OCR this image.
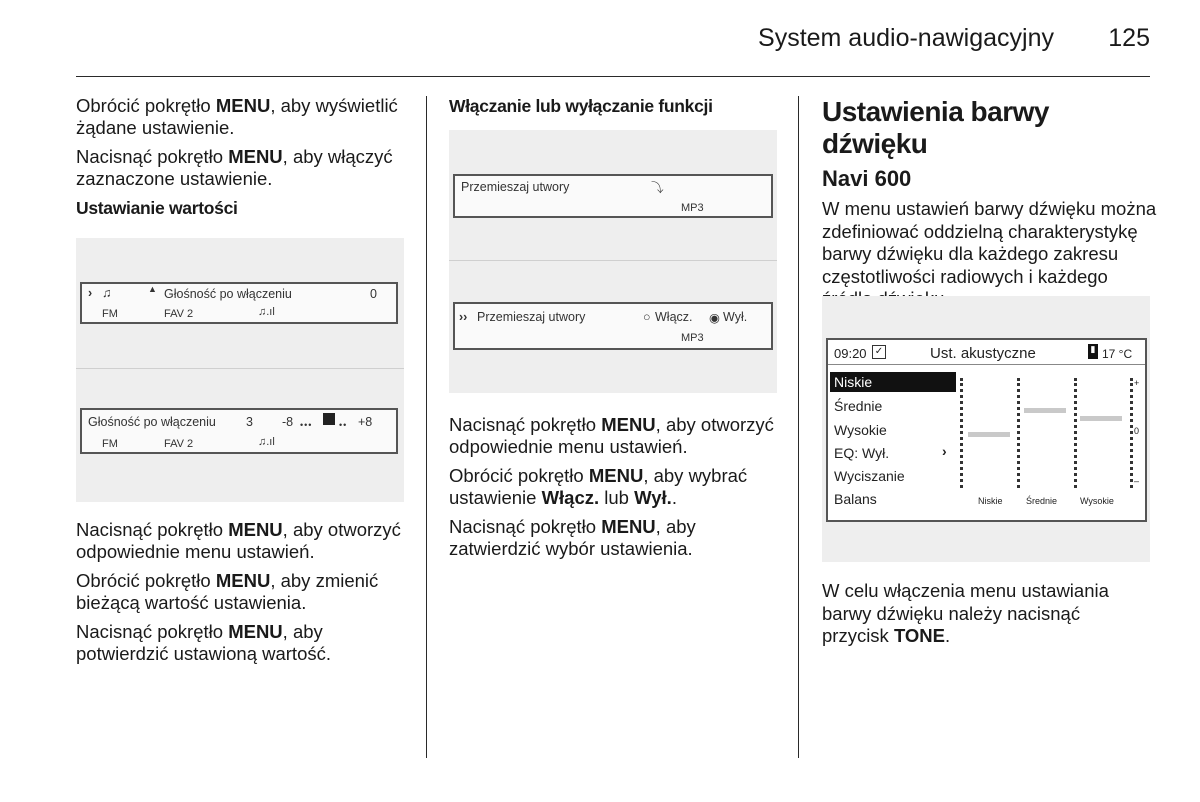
System audio-nawigacyjny 125

Obrócić pokrętło MENU, aby wyświetlić żądane ustawienie.

Nacisnąć pokrętło MENU, aby włączyć zaznaczone ustawienie.

Ustawianie wartości

› ♫	▲ Głośność po włączeniu	0
FM	FAV 2	♫.ıl
Głośność po włączeniu 3 -8 •••	•• +8
FM	FAV 2	♫.ıl

Nacisnąć pokrętło MENU, aby otworzyć odpowiednie menu ustawień.

Obrócić pokrętło MENU, aby zmienić bieżącą wartość ustawienia.

Nacisnąć pokrętło MENU, aby potwierdzić ustawioną wartość.

Włączanie lub wyłączanie funkcji

Przemieszaj utwory	⤵
MP3
›› Przemieszaj utwory	○ Włącz. ◉ Wył.
MP3

Nacisnąć pokrętło MENU, aby otworzyć odpowiednie menu ustawień.

Obrócić pokrętło MENU, aby wybrać ustawienie Włącz. lub Wył..

Nacisnąć pokrętło MENU, aby zatwierdzić wybór ustawienia.

Ustawienia barwy dźwięku

Navi 600

W menu ustawień barwy dźwięku można zdefiniować oddzielną charakterystykę barwy dźwięku dla każdego zakresu częstotliwości radiowych i każdego

09:20 ✓	Ust. akustyczne	▮ 17 °C
Niskie
Średnie
Wysokie
EQ: Wył.	›
Wyciszanie
Balans
+
0
–
Niskie	Średnie	Wysokie

W celu włączenia menu ustawiania barwy dźwięku należy nacisnąć przycisk TONE.
